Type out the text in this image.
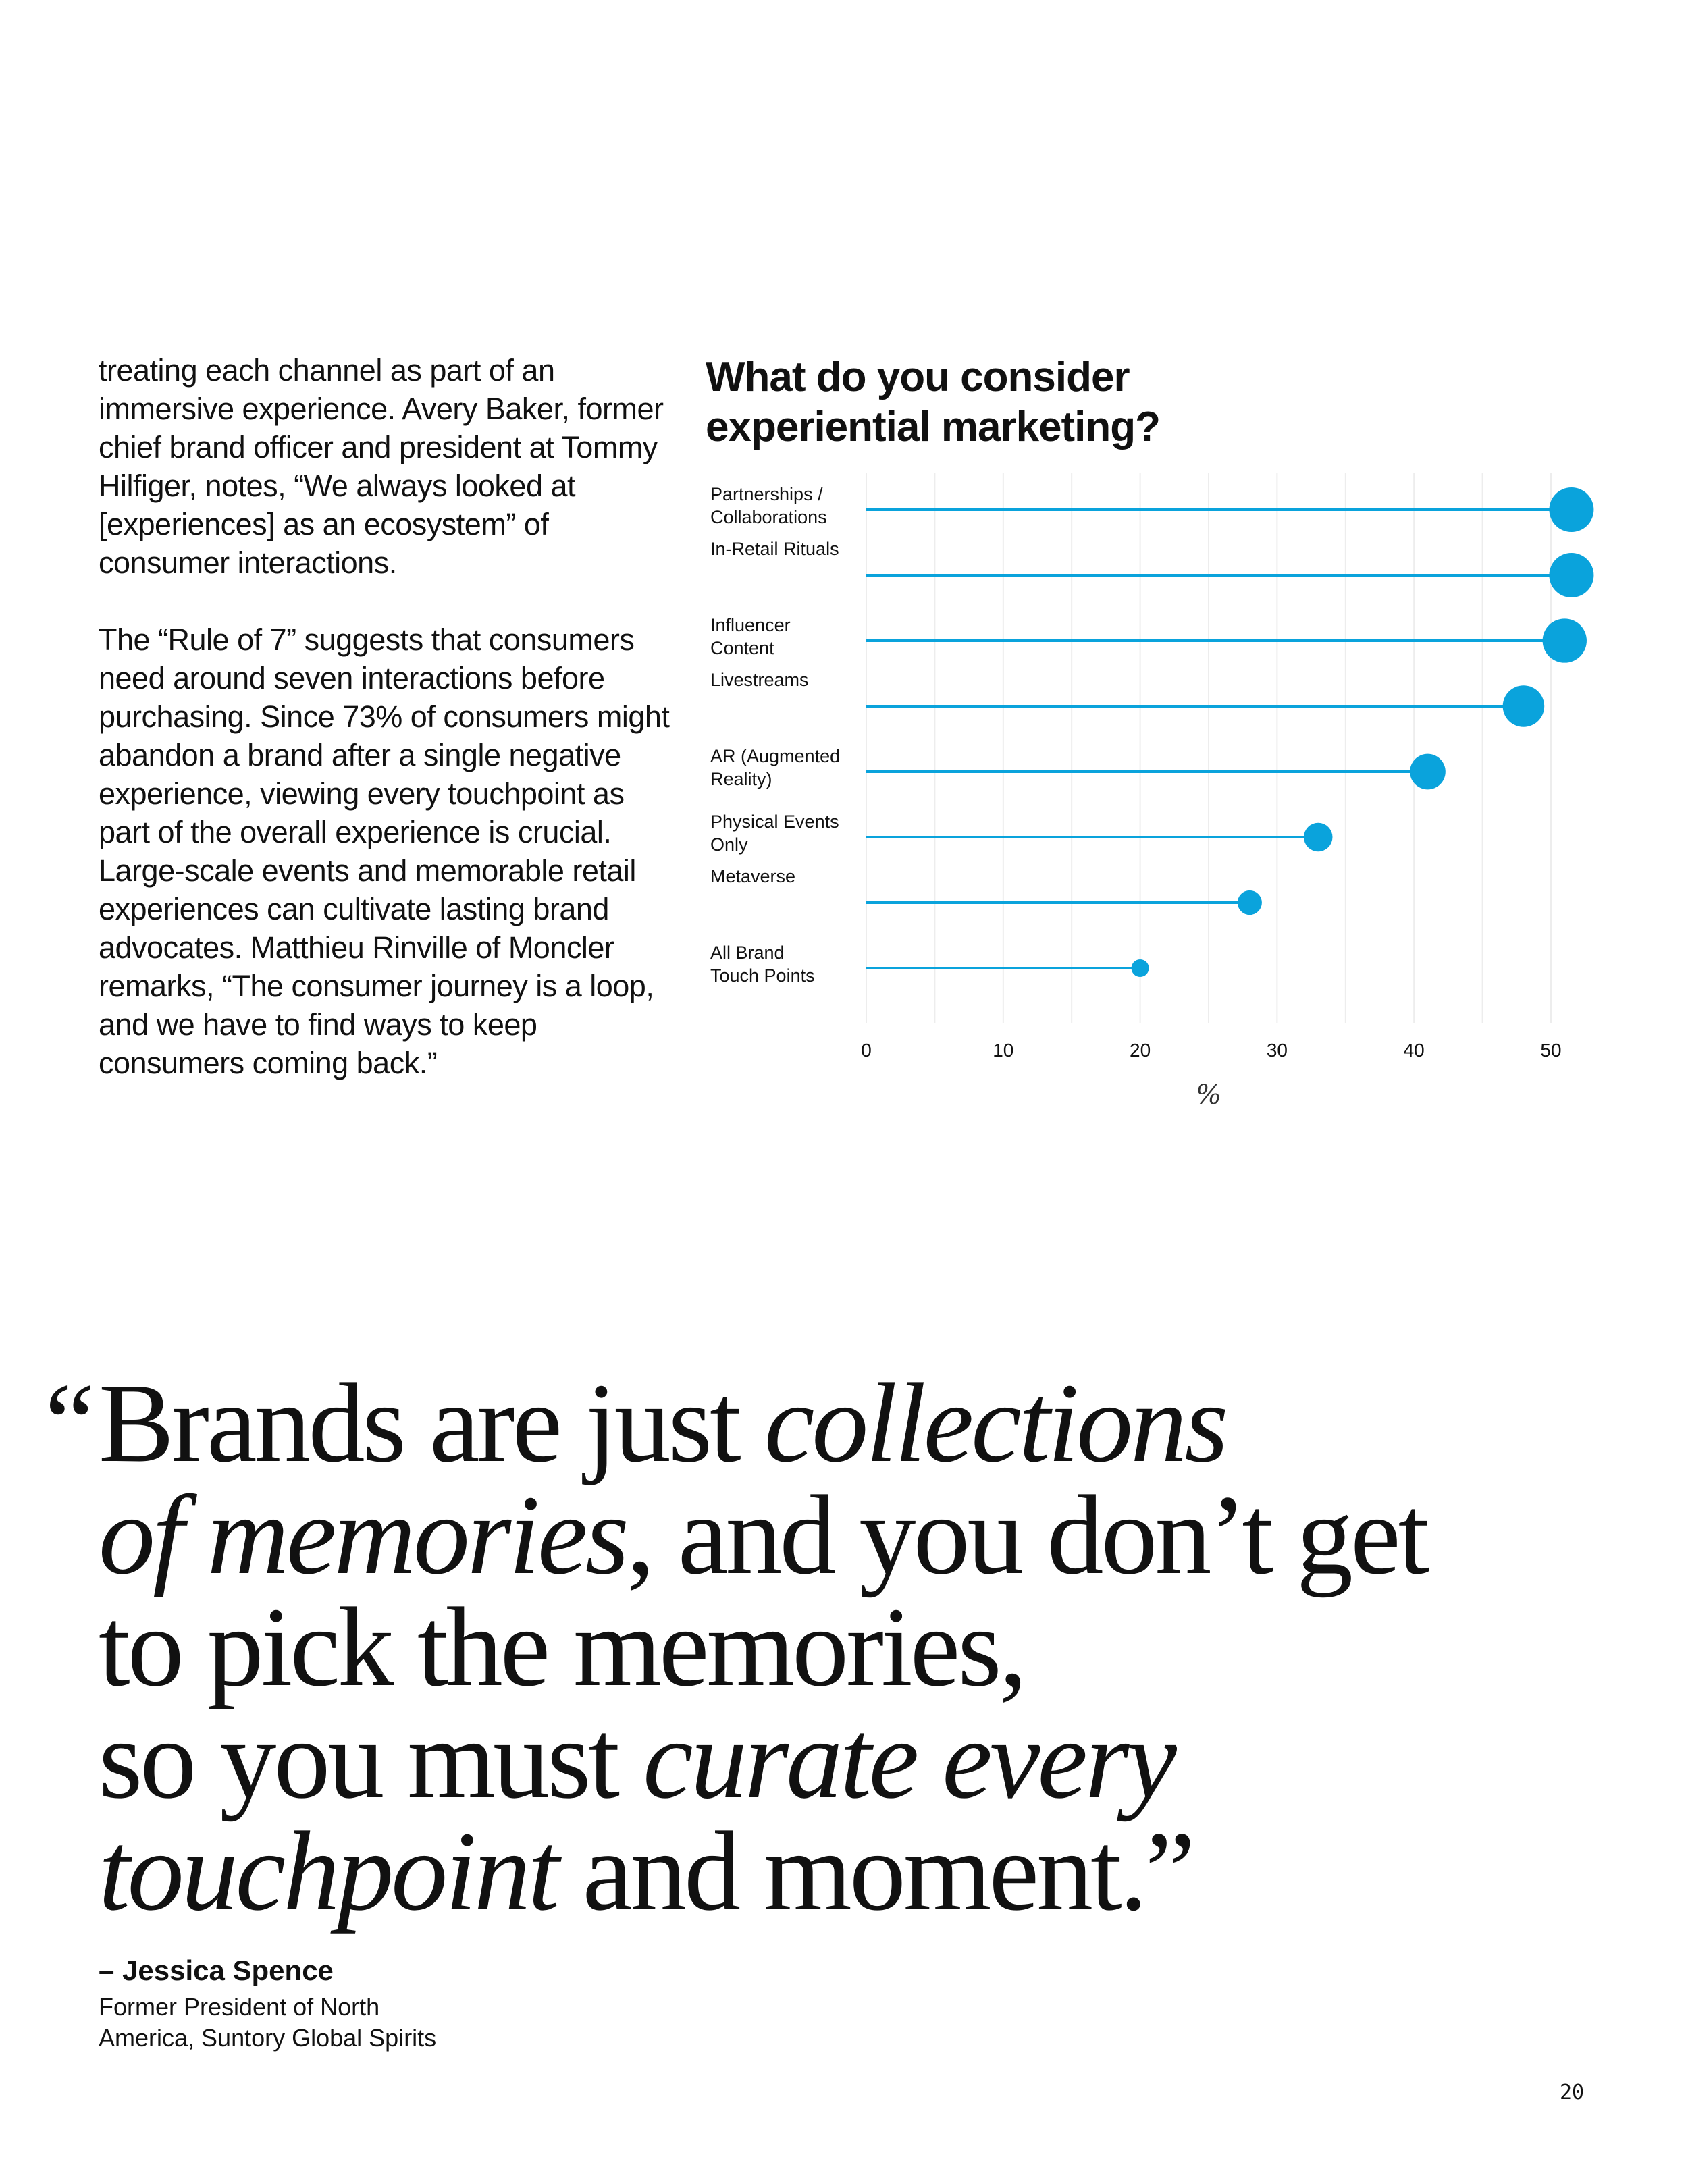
treating each channel as part of an immersive experience. Avery Baker, former chief brand officer and president at Tommy Hilfiger, notes, “We always looked at [experiences] as an ecosystem” of consumer interactions.

The “Rule of 7” suggests that consumers need around seven interactions before purchasing. Since 73% of consumers might abandon a brand after a single negative experience, viewing every touchpoint as part of the overall experience is crucial. Large-scale events and memorable retail experiences can cultivate lasting brand advocates. Matthieu Rinville of Moncler remarks, “The consumer journey is a loop, and we have to find ways to keep consumers coming back.”

What do you consider experiential marketing?
Partnerships /
Collaborations
In-Retail Rituals
Influencer
Content
Livestreams
AR (Augmented
Reality)
Physical Events
Only
Metaverse
All Brand
Touch Points
0	10	20	30	40	50
%
“ Brands are just collections
of memories, and you don’t get
to pick the memories,
so you must curate every
touchpoint and moment.”
– Jessica Spence
Former President of North
America, Suntory Global Spirits
20
